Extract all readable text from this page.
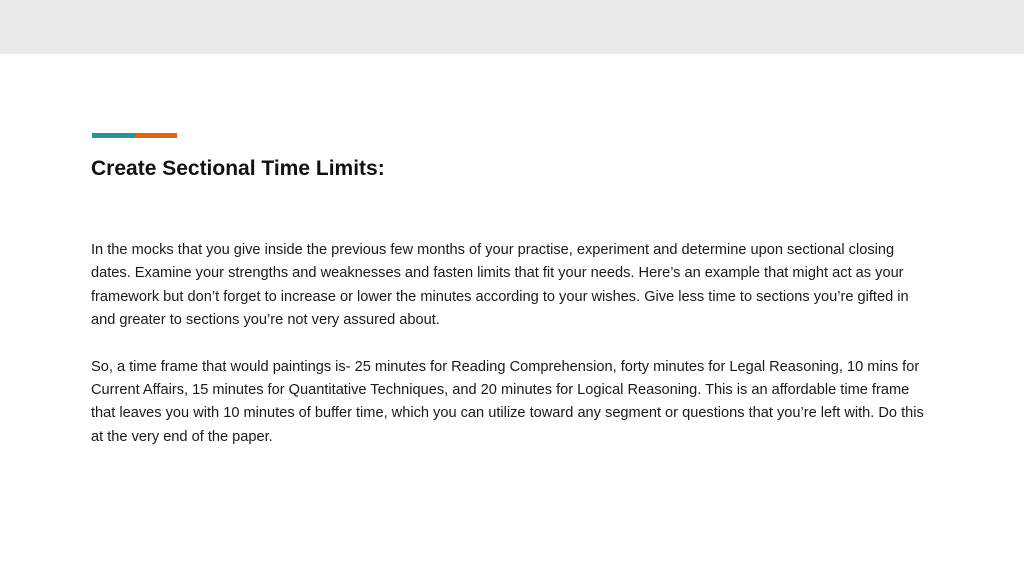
Create Sectional Time Limits:

In the mocks that you give inside the previous few months of your practise, experiment and determine upon sectional closing dates. Examine your strengths and weaknesses and fasten limits that fit your needs. Here’s an example that might act as your framework but don’t forget to increase or lower the minutes according to your wishes. Give less time to sections you’re gifted in and greater to sections you’re not very assured about.

So, a time frame that would paintings is- 25 minutes for Reading Comprehension, forty minutes for Legal Reasoning, 10 mins for Current Affairs, 15 minutes for Quantitative Techniques, and 20 minutes for Logical Reasoning. This is an affordable time frame that leaves you with 10 minutes of buffer time, which you can utilize toward any segment or questions that you’re left with. Do this at the very end of the paper.
